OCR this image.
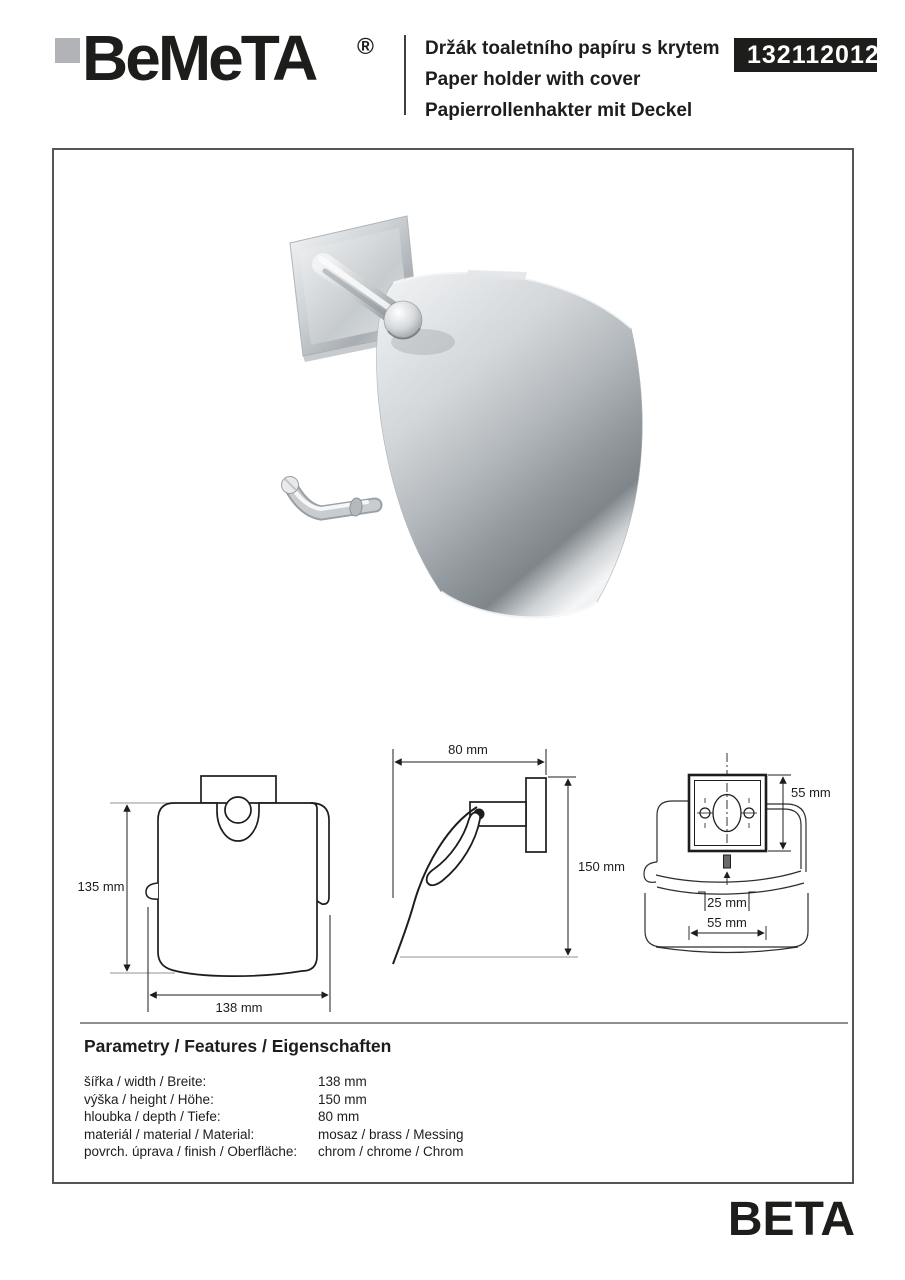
BeMeTA ®	Držák toaletního papíru s krytem
Paper holder with cover
Papierrollenhakter mit Deckel
132112012
135 mm
138 mm
80 mm
150 mm
55 mm
25 mm
55 mm
Parametry / Features / Eigenschaften
šířka / width / Breite:	138 mm
výška / height / Höhe:	150 mm
hloubka / depth / Tiefe:	80 mm
materiál / material / Material:	mosaz / brass / Messing
povrch. úprava / finish / Oberfläche:	chrom / chrome / Chrom
BETA
